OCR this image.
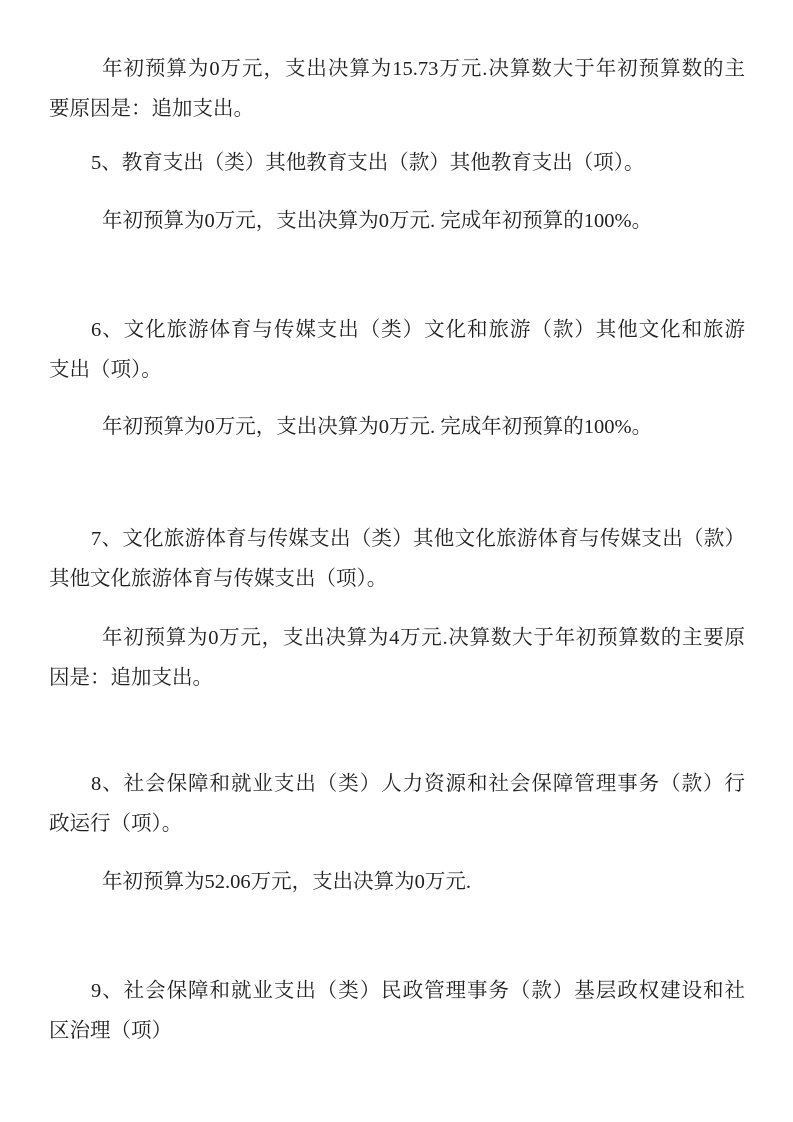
年初预算为0万元，支出决算为15.73万元.决算数大于年初预算数的主
要原因是：追加支出。

5、教育支出（类）其他教育支出（款）其他教育支出（项）。

年初预算为0万元，支出决算为0万元. 完成年初预算的100%。

6、文化旅游体育与传媒支出（类）文化和旅游（款）其他文化和旅游
支出（项）。

年初预算为0万元，支出决算为0万元. 完成年初预算的100%。

7、文化旅游体育与传媒支出（类）其他文化旅游体育与传媒支出（款）
其他文化旅游体育与传媒支出（项）。

年初预算为0万元，支出决算为4万元.决算数大于年初预算数的主要原
因是：追加支出。

8、社会保障和就业支出（类）人力资源和社会保障管理事务（款）行
政运行（项）。

年初预算为52.06万元，支出决算为0万元.

9、社会保障和就业支出（类）民政管理事务（款）基层政权建设和社
区治理（项）
